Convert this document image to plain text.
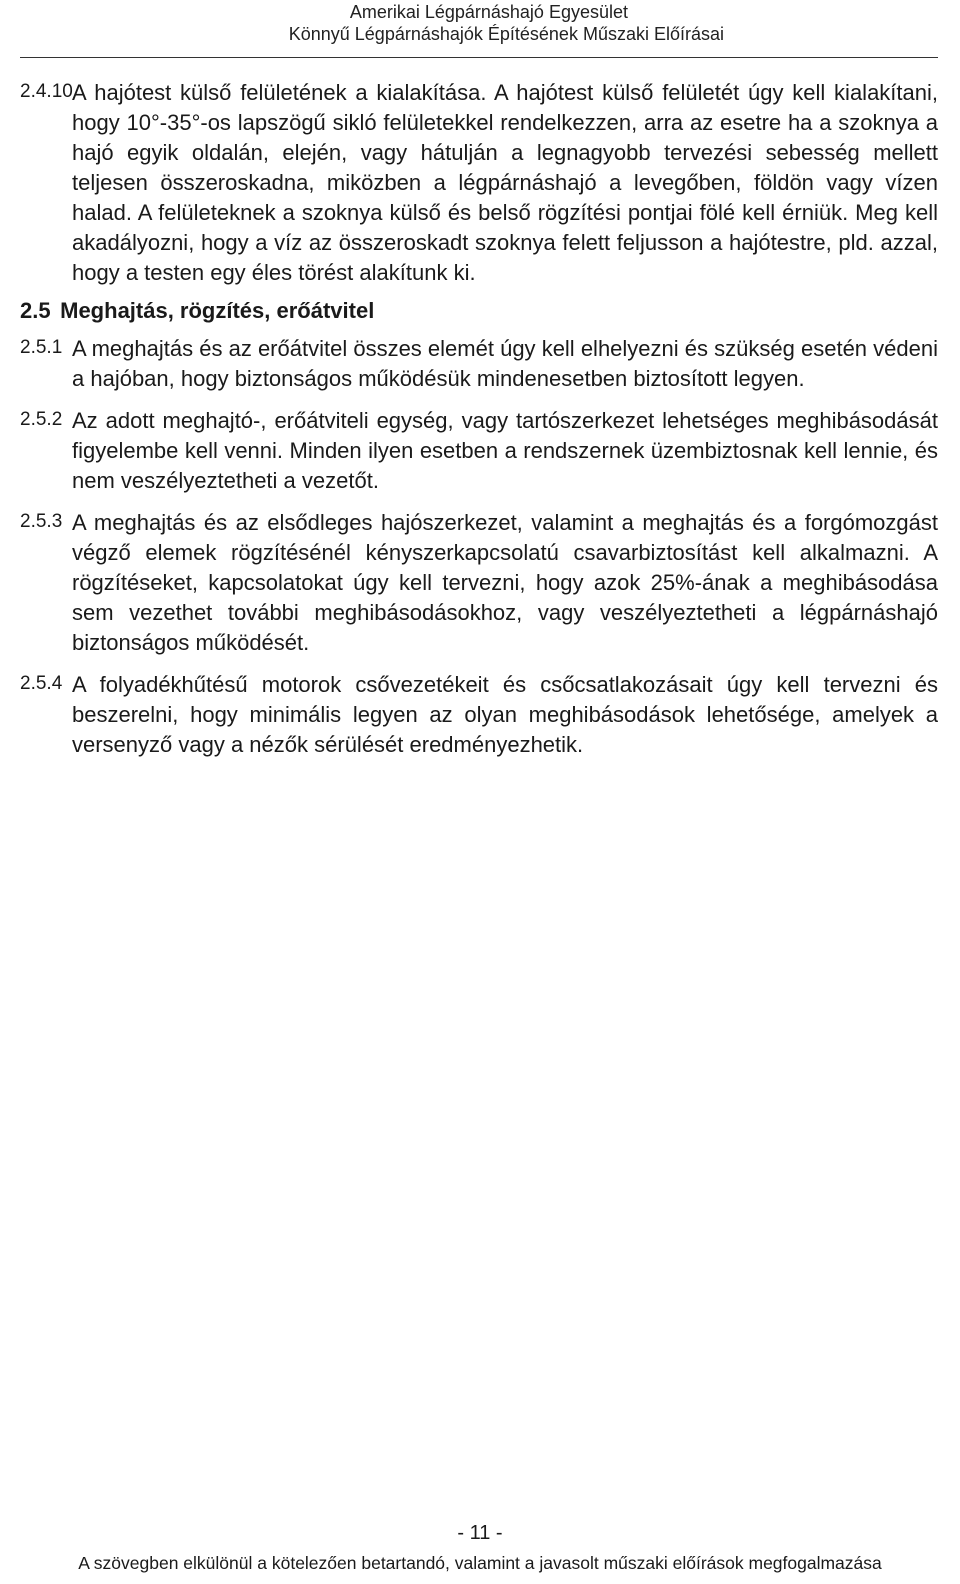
Amerikai Légpárnáshajó Egyesület
Könnyű Légpárnáshajók Építésének Műszaki Előírásai
2.4.10 A hajótest külső felületének a kialakítása. A hajótest külső felületét úgy kell kialakítani, hogy 10°-35°-os lapszögű sikló felületekkel rendelkezzen, arra az esetre ha a szoknya a hajó egyik oldalán, elején, vagy hátulján a legnagyobb tervezési sebesség mellett teljesen összeroskadna, miközben a légpárnáshajó a levegőben, földön vagy vízen halad. A felületeknek a szoknya külső és belső rögzítési pontjai fölé kell érniük. Meg kell akadályozni, hogy a víz az összeroskadt szoknya felett feljusson a hajótestre, pld. azzal, hogy a testen egy éles törést alakítunk ki.
2.5 Meghajtás, rögzítés, erőátvitel
2.5.1 A meghajtás és az erőátvitel összes elemét úgy kell elhelyezni és szükség esetén védeni a hajóban, hogy biztonságos működésük mindenesetben biztosított legyen.
2.5.2 Az adott meghajtó-, erőátviteli egység, vagy tartószerkezet lehetséges meghibásodását figyelembe kell venni. Minden ilyen esetben a rendszernek üzembiztosnak kell lennie, és nem veszélyeztetheti a vezetőt.
2.5.3 A meghajtás és az elsődleges hajószerkezet, valamint a meghajtás és a forgómozgást végző elemek rögzítésénél kényszerkapcsolatú csavarbiztosítást kell alkalmazni. A rögzítéseket, kapcsolatokat úgy kell tervezni, hogy azok 25%-ának a meghibásodása sem vezethet további meghibásodásokhoz, vagy veszélyeztetheti a légpárnáshajó biztonságos működését.
2.5.4 A folyadékhűtésű motorok csővezetékeit és csőcsatlakozásait úgy kell tervezni és beszerelni, hogy minimális legyen az olyan meghibásodások lehetősége, amelyek a versenyző vagy a nézők sérülését eredményezhetik.
- 11 -
A szövegben elkülönül a kötelezően betartandó, valamint a javasolt műszaki előírások megfogalmazása
